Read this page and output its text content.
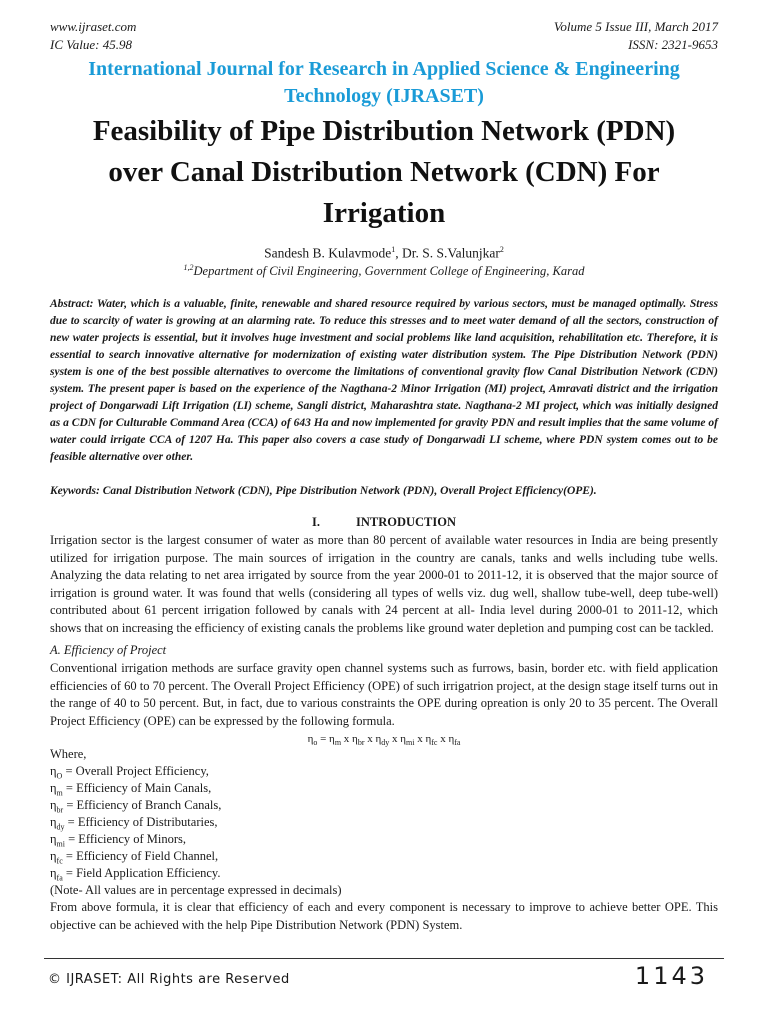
www.ijraset.com
IC Value: 45.98
Volume 5 Issue III, March 2017
ISSN: 2321-9653
International Journal for Research in Applied Science & Engineering
Technology (IJRASET)
Feasibility of Pipe Distribution Network (PDN)
over Canal Distribution Network (CDN) For
Irrigation
Sandesh B. Kulavmode$^1$, Dr. S. S.Valunjkar$^2$
$^{1,2}$Department of Civil Engineering, Government College of Engineering, Karad
Abstract: Water, which is a valuable, finite, renewable and shared resource required by various sectors, must be managed optimally. Stress due to scarcity of water is growing at an alarming rate. To reduce this stresses and to meet water demand of all the sectors, construction of new water projects is essential, but it involves huge investment and social problems like land acquisition, rehabilitation etc. Therefore, it is essential to search innovative alternative for modernization of existing water distribution system. The Pipe Distribution Network (PDN) system is one of the best possible alternatives to overcome the limitations of conventional gravity flow Canal Distribution Network (CDN) system. The present paper is based on the experience of the Nagthana-2 Minor Irrigation (MI) project, Amravati district and the irrigation project of Dongarwadi Lift Irrigation (LI) scheme, Sangli district, Maharashtra state. Nagthana-2 MI project, which was initially designed as a CDN for Culturable Command Area (CCA) of 643 Ha and now implemented for gravity PDN and result implies that the same volume of water could irrigate CCA of 1207 Ha. This paper also covers a case study of Dongarwadi LI scheme, where PDN system comes out to be feasible alternative over other.
Keywords: Canal Distribution Network (CDN), Pipe Distribution Network (PDN), Overall Project Efficiency(OPE).
I.	INTRODUCTION
Irrigation sector is the largest consumer of water as more than 80 percent of available water resources in India are being presently utilized for irrigation purpose. The main sources of irrigation in the country are canals, tanks and wells including tube wells. Analyzing the data relating to net area irrigated by source from the year 2000-01 to 2011-12, it is observed that the major source of irrigation is ground water. It was found that wells (considering all types of wells viz. dug well, shallow tube-well, deep tube-well) contributed about 61 percent irrigation followed by canals with 24 percent at all- India level during 2000-01 to 2011-12, which shows that on increasing the efficiency of existing canals the problems like ground water depletion and pumping cost can be tackled.
A. Efficiency of Project
Conventional irrigation methods are surface gravity open channel systems such as furrows, basin, border etc. with field application efficiencies of 60 to 70 percent. The Overall Project Efficiency (OPE) of such irrigatrion project, at the design stage itself turns out in the range of 40 to 50 percent. But, in fact, due to various constraints the OPE during opreation is only 20 to 35 percent. The Overall Project Efficiency (OPE) can be expressed by the following formula.
$\eta_o = \eta_m$ x $\eta_{br}$ x $\eta_{dy}$ x $\eta_{mi}$ x $\eta_{fc}$ x $\eta_{fa}$
Where,
$\eta_O$ = Overall Project Efficiency,
$\eta_m$ = Efficiency of Main Canals,
$\eta_{br}$ = Efficiency of Branch Canals,
$\eta_{dy}$ = Efficiency of Distributaries,
$\eta_{mi}$ = Efficiency of Minors,
$\eta_{fc}$ = Efficiency of Field Channel,
$\eta_{fa}$ = Field Application Efficiency.
(Note- All values are in percentage expressed in decimals)
From above formula, it is clear that efficiency of each and every component is necessary to improve to achieve better OPE. This objective can be achieved with the help Pipe Distribution Network (PDN) System.
© IJRASET: All Rights are Reserved	1143
